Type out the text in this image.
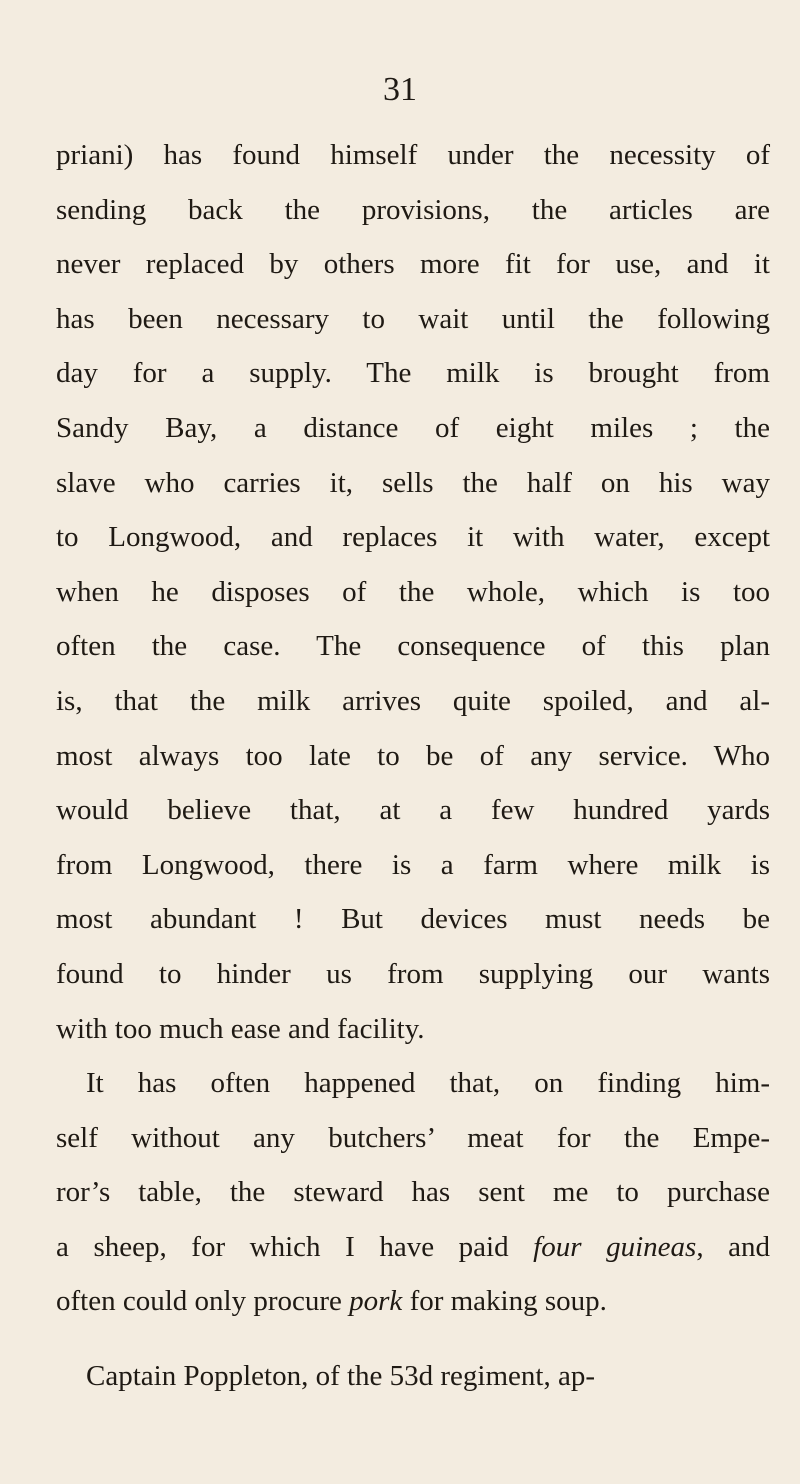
31
priani) has found himself under the necessity of
sending back the provisions, the articles are
never replaced by others more fit for use, and it
has been necessary to wait until the following
day for a supply. The milk is brought from
Sandy Bay, a distance of eight miles ; the
slave who carries it, sells the half on his way
to Longwood, and replaces it with water, except
when he disposes of the whole, which is too
often the case. The consequence of this plan
is, that the milk arrives quite spoiled, and al-
most always too late to be of any service. Who
would believe that, at a few hundred yards
from Longwood, there is a farm where milk is
most abundant ! But devices must needs be
found to hinder us from supplying our wants
with too much ease and facility.
It has often happened that, on finding him-
self without any butchers’ meat for the Empe-
ror’s table, the steward has sent me to purchase
a sheep, for which I have paid four guineas, and
often could only procure pork for making soup.
Captain Poppleton, of the 53d regiment, ap-
